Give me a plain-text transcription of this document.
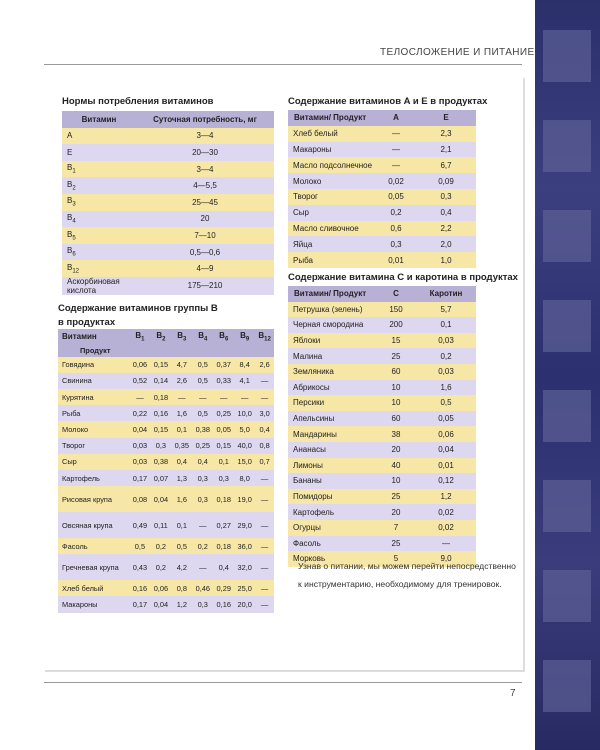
ТЕЛОСЛОЖЕНИЕ И ПИТАНИЕ
Нормы потребления витаминов
Витамин	Суточная потребность, мг
A	3—4
E	20—30
$B_1$	3—4
$B_2$	4—5,5
$B_3$	25—45
$B_4$	20
$B_5$	7—10
$B_6$	0,5—0,6
$B_{12}$	4—9
Аскорбиновая кислота	175—210
Содержание витаминов группы B
в продуктах
Витамин	$B_1$	$B_2$	$B_3$	$B_4$	$B_6$	$B_9$	$B_{12}$
Продукт							
Говядина	0,06	0,15	4,7	0,5	0,37	8,4	2,6
Свинина	0,52	0,14	2,6	0,5	0,33	4,1	—
Курятина	—	0,18	—	—	—	—	—
Рыба	0,22	0,16	1,6	0,5	0,25	10,0	3,0
Молоко	0,04	0,15	0,1	0,38	0,05	5,0	0,4
Творог	0,03	0,3	0,35	0,25	0,15	40,0	0,8
Сыр	0,03	0,38	0,4	0,4	0,1	15,0	0,7
Картофель	0,17	0,07	1,3	0,3	0,3	8,0	—
Рисовая крупа	0,08	0,04	1,6	0,3	0,18	19,0	—
Овсяная крупа	0,49	0,11	0,1	—	0,27	29,0	—
Фасоль	0,5	0,2	0,5	0,2	0,18	36,0	—
Гречневая крупа	0,43	0,2	4,2	—	0,4	32,0	—
Хлеб белый	0,16	0,06	0,8	0,46	0,29	25,0	—
Макароны	0,17	0,04	1,2	0,3	0,16	20,0	—
Содержание витаминов A и E в продуктах
Витамин/ Продукт	A	E
Хлеб белый	—	2,3
Макароны	—	2,1
Масло подсолнечное	—	6,7
Молоко	0,02	0,09
Творог	0,05	0,3
Сыр	0,2	0,4
Масло сливочное	0,6	2,2
Яйца	0,3	2,0
Рыба	0,01	1,0
Содержание витамина C и каротина в продуктах
Витамин/ Продукт	C	Каротин
Петрушка (зелень)	150	5,7
Черная смородина	200	0,1
Яблоки	15	0,03
Малина	25	0,2
Земляника	60	0,03
Абрикосы	10	1,6
Персики	10	0,5
Апельсины	60	0,05
Мандарины	38	0,06
Ананасы	20	0,04
Лимоны	40	0,01
Бананы	10	0,12
Помидоры	25	1,2
Картофель	20	0,02
Огурцы	7	0,02
Фасоль	25	—
Морковь	5	9,0
Узнав о питании, мы можем перейти непосредственно к инструментарию, необходимому для тренировок.
7
